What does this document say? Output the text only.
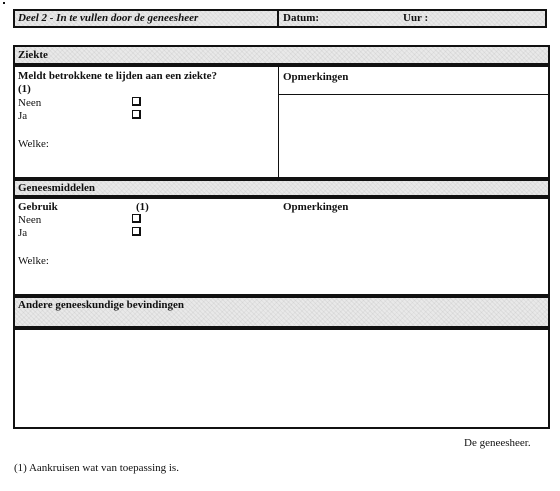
Deel 2 - In te vullen door de geneesheer	Datum:	Uur :
Ziekte
Meldt betrokkene te lijden aan een ziekte?
(1)
Opmerkingen
Neen
Ja
Welke:
Geneesmiddelen
Gebruik	(1)	Opmerkingen
Neen
Ja
Welke:
Andere geneeskundige bevindingen
De geneesheer.
(1) Aankruisen wat van toepassing is.
